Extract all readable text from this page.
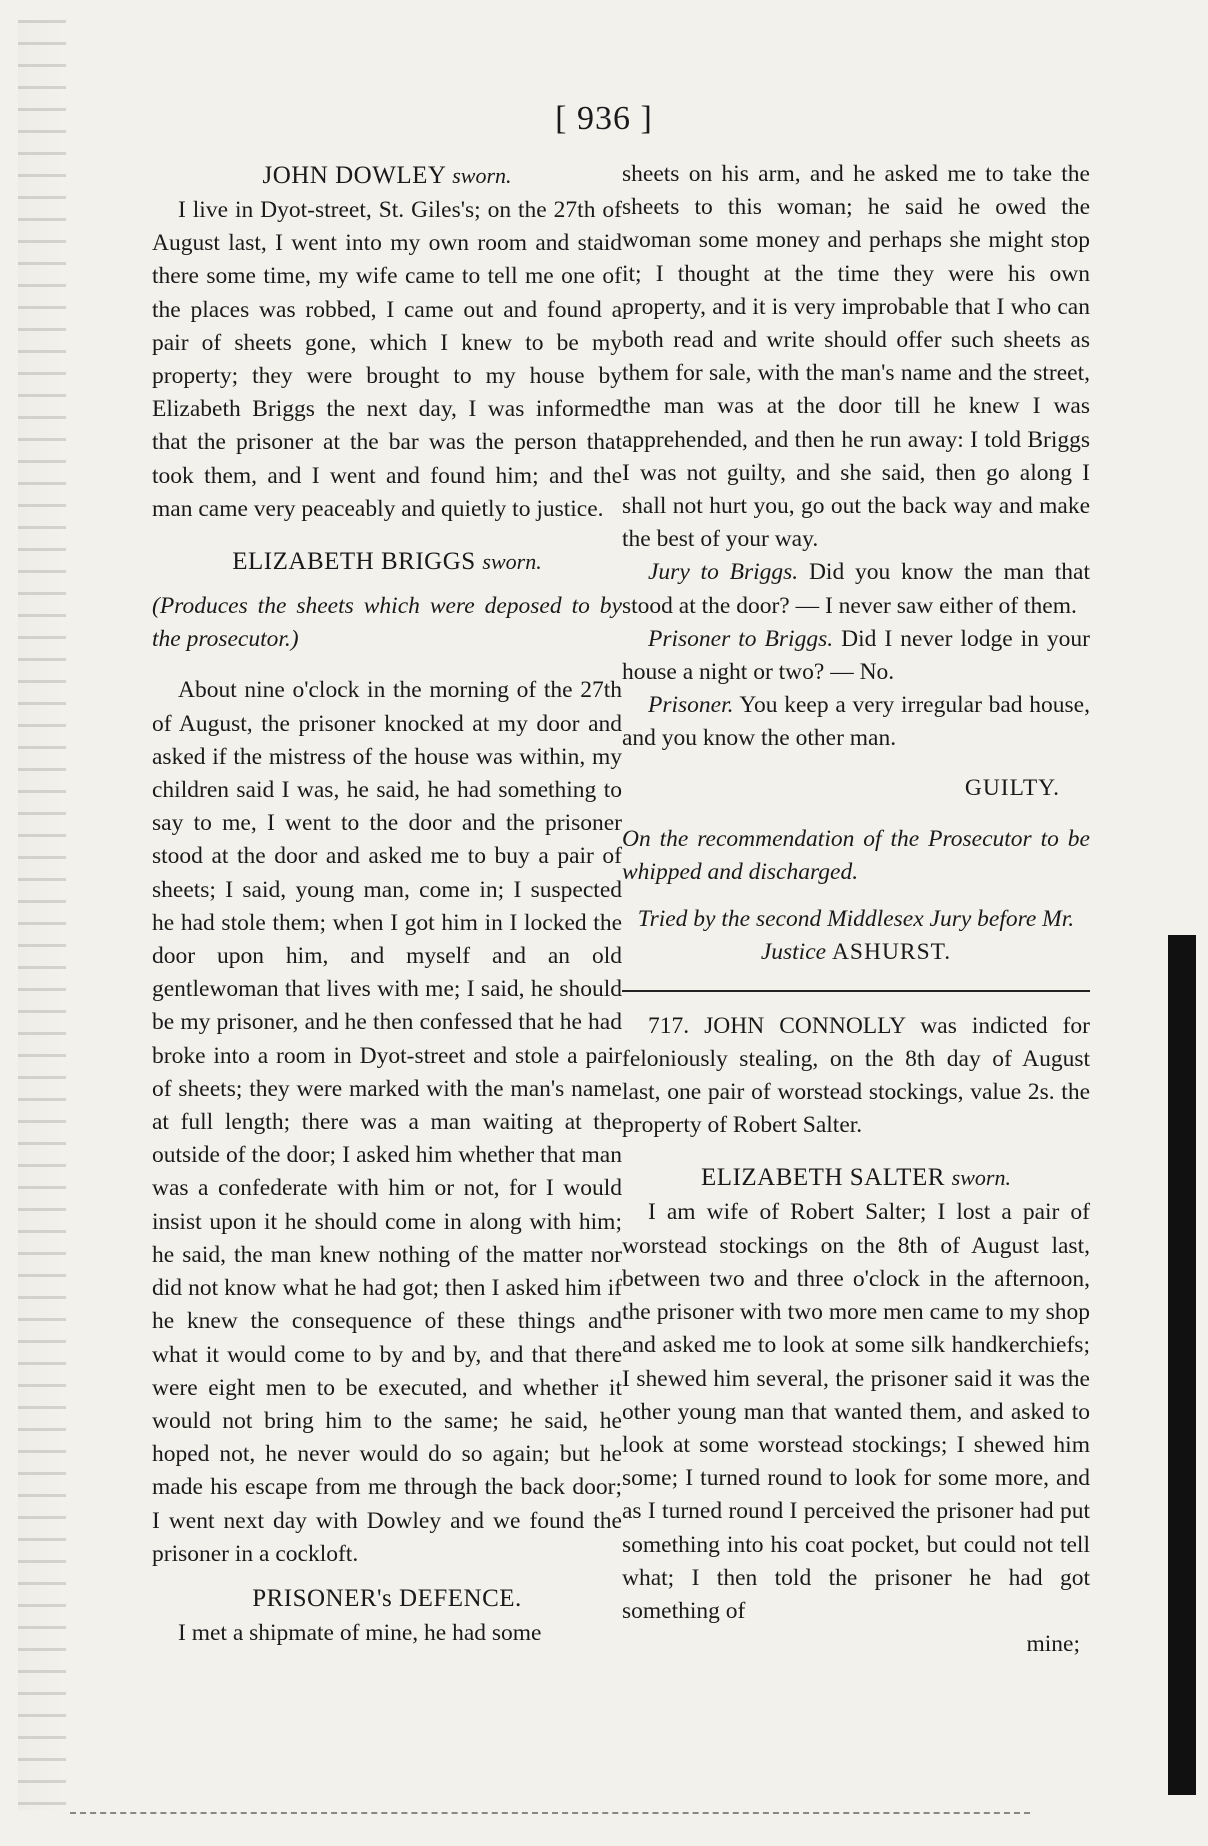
[ 936 ]
JOHN DOWLEY sworn.

I live in Dyot-street, St. Giles's; on the 27th of August last, I went into my own room and staid there some time, my wife came to tell me one of the places was robbed, I came out and found a pair of sheets gone, which I knew to be my property; they were brought to my house by Elizabeth Briggs the next day, I was informed that the prisoner at the bar was the person that took them, and I went and found him; and the man came very peaceably and quietly to justice.

ELIZABETH BRIGGS sworn.

(Produces the sheets which were deposed to by the prosecutor.)

About nine o'clock in the morning of the 27th of August, the prisoner knocked at my door and asked if the mistress of the house was within, my children said I was, he said, he had something to say to me, I went to the door and the prisoner stood at the door and asked me to buy a pair of sheets; I said, young man, come in; I suspected he had stole them; when I got him in I locked the door upon him, and myself and an old gentlewoman that lives with me; I said, he should be my prisoner, and he then confessed that he had broke into a room in Dyot-street and stole a pair of sheets; they were marked with the man's name at full length; there was a man waiting at the outside of the door; I asked him whether that man was a confederate with him or not, for I would insist upon it he should come in along with him; he said, the man knew nothing of the matter nor did not know what he had got; then I asked him if he knew the consequence of these things and what it would come to by and by, and that there were eight men to be executed, and whether it would not bring him to the same; he said, he hoped not, he never would do so again; but he made his escape from me through the back door; I went next day with Dowley and we found the prisoner in a cockloft.

PRISONER's DEFENCE.

I met a shipmate of mine, he had some

sheets on his arm, and he asked me to take the sheets to this woman; he said he owed the woman some money and perhaps she might stop it; I thought at the time they were his own property, and it is very improbable that I who can both read and write should offer such sheets as them for sale, with the man's name and the street, the man was at the door till he knew I was apprehended, and then he run away: I told Briggs I was not guilty, and she said, then go along I shall not hurt you, go out the back way and make the best of your way.

Jury to Briggs. Did you know the man that stood at the door? — I never saw either of them.

Prisoner to Briggs. Did I never lodge in your house a night or two? — No.

Prisoner. You keep a very irregular bad house, and you know the other man.

GUILTY.

On the recommendation of the Prosecutor to be whipped and discharged.

Tried by the second Middlesex Jury before Mr. Justice ASHURST.

717. JOHN CONNOLLY was indicted for feloniously stealing, on the 8th day of August last, one pair of worstead stockings, value 2s. the property of Robert Salter.

ELIZABETH SALTER sworn.

I am wife of Robert Salter; I lost a pair of worstead stockings on the 8th of August last, between two and three o'clock in the afternoon, the prisoner with two more men came to my shop and asked me to look at some silk handkerchiefs; I shewed him several, the prisoner said it was the other young man that wanted them, and asked to look at some worstead stockings; I shewed him some; I turned round to look for some more, and as I turned round I perceived the prisoner had put something into his coat pocket, but could not tell what; I then told the prisoner he had got something of

mine;
